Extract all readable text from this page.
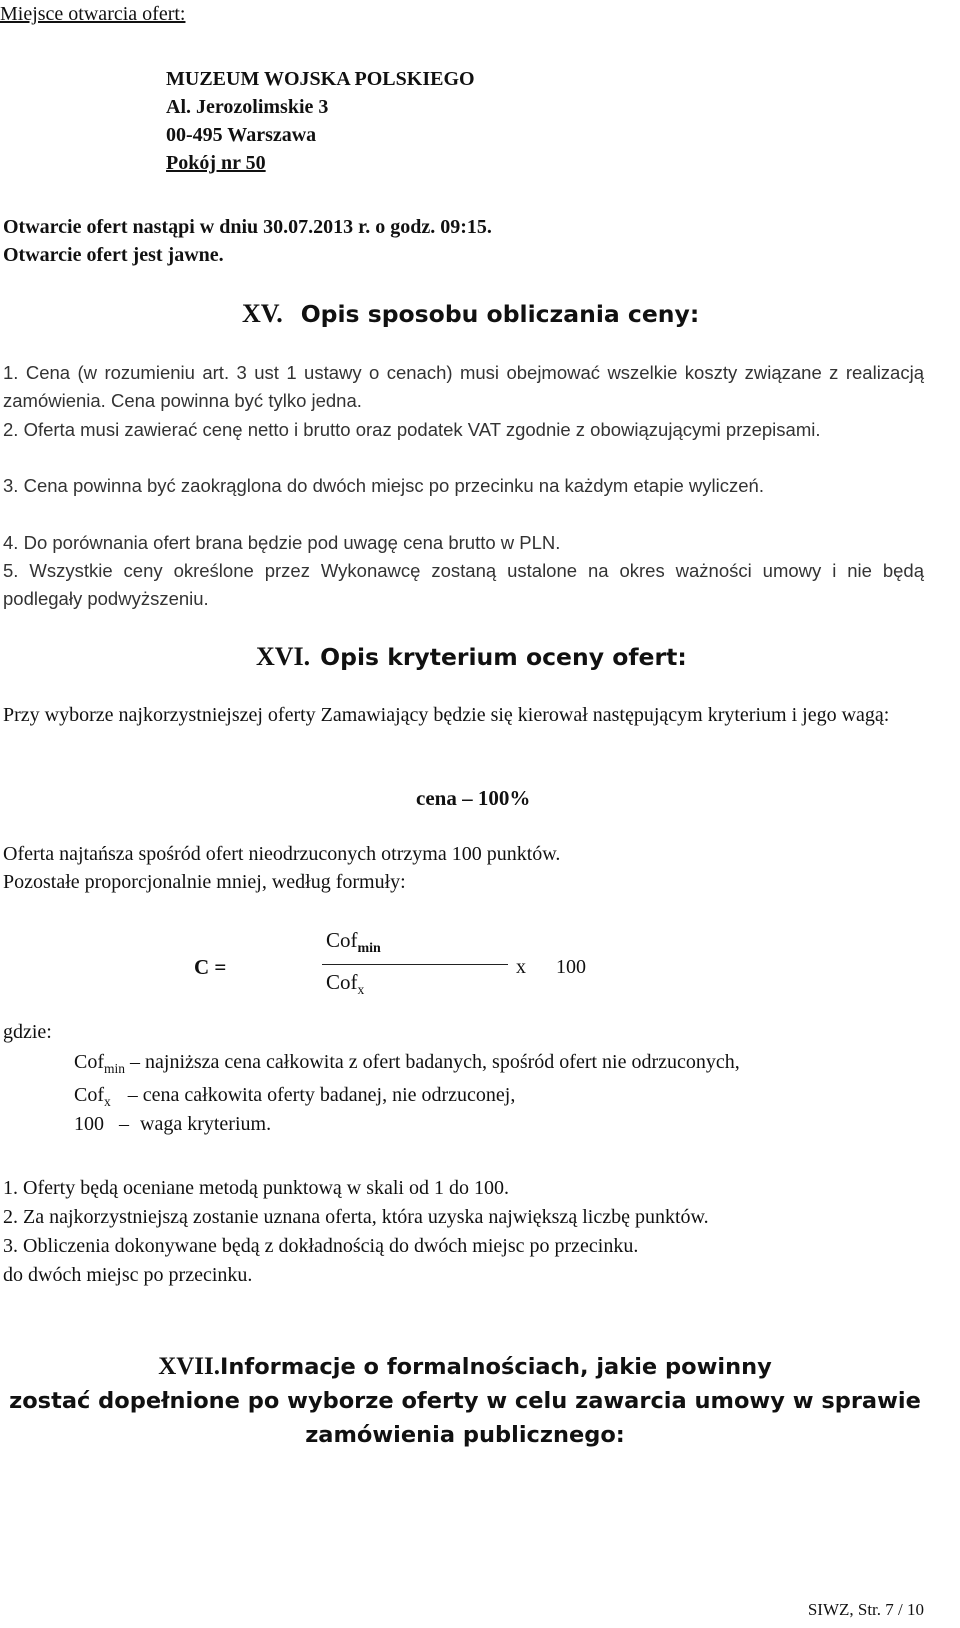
Miejsce otwarcia ofert:
MUZEUM WOJSKA POLSKIEGO
Al. Jerozolimskie 3
00-495 Warszawa
Pokój nr 50
Otwarcie ofert nastąpi w dniu 30.07.2013 r. o godz. 09:15.
Otwarcie ofert jest jawne.
XV. Opis sposobu obliczania ceny:
1. Cena (w rozumieniu art. 3 ust 1 ustawy o cenach) musi obejmować wszelkie koszty związane z realizacją zamówienia. Cena powinna być tylko jedna.
2. Oferta musi zawierać cenę netto i brutto oraz podatek VAT zgodnie z obowiązującymi przepisami.
3. Cena powinna być zaokrąglona do dwóch miejsc po przecinku na każdym etapie wyliczeń.
4. Do porównania ofert brana będzie pod uwagę cena brutto w PLN.
5. Wszystkie ceny określone przez Wykonawcę zostaną ustalone na okres ważności umowy i nie będą podlegały podwyższeniu.
XVI. Opis kryterium oceny ofert:
Przy wyborze najkorzystniejszej oferty Zamawiający będzie się kierował następującym kryterium i jego wagą:
cena – 100%
Oferta najtańsza spośród ofert nieodrzuconych otrzyma 100 punktów.
Pozostałe proporcjonalnie mniej, według formuły:
C =
Cof$_{min}$
Cof$_x$
x 100
gdzie:
Cof$_{min}$ – najniższa cena całkowita z ofert badanych, spośród ofert nie odrzuconych,
Cof$_x$ – cena całkowita oferty badanej, nie odrzuconej,
100 – waga kryterium.
1. Oferty będą oceniane metodą punktową w skali od 1 do 100.
2. Za najkorzystniejszą zostanie uznana oferta, która uzyska największą liczbę punktów.
3. Obliczenia dokonywane będą z dokładnością do dwóch miejsc po przecinku.
do dwóch miejsc po przecinku.
XVII.Informacje o formalnościach, jakie powinny
zostać dopełnione po wyborze oferty w celu zawarcia umowy w sprawie
zamówienia publicznego:
SIWZ, Str. 7 / 10
